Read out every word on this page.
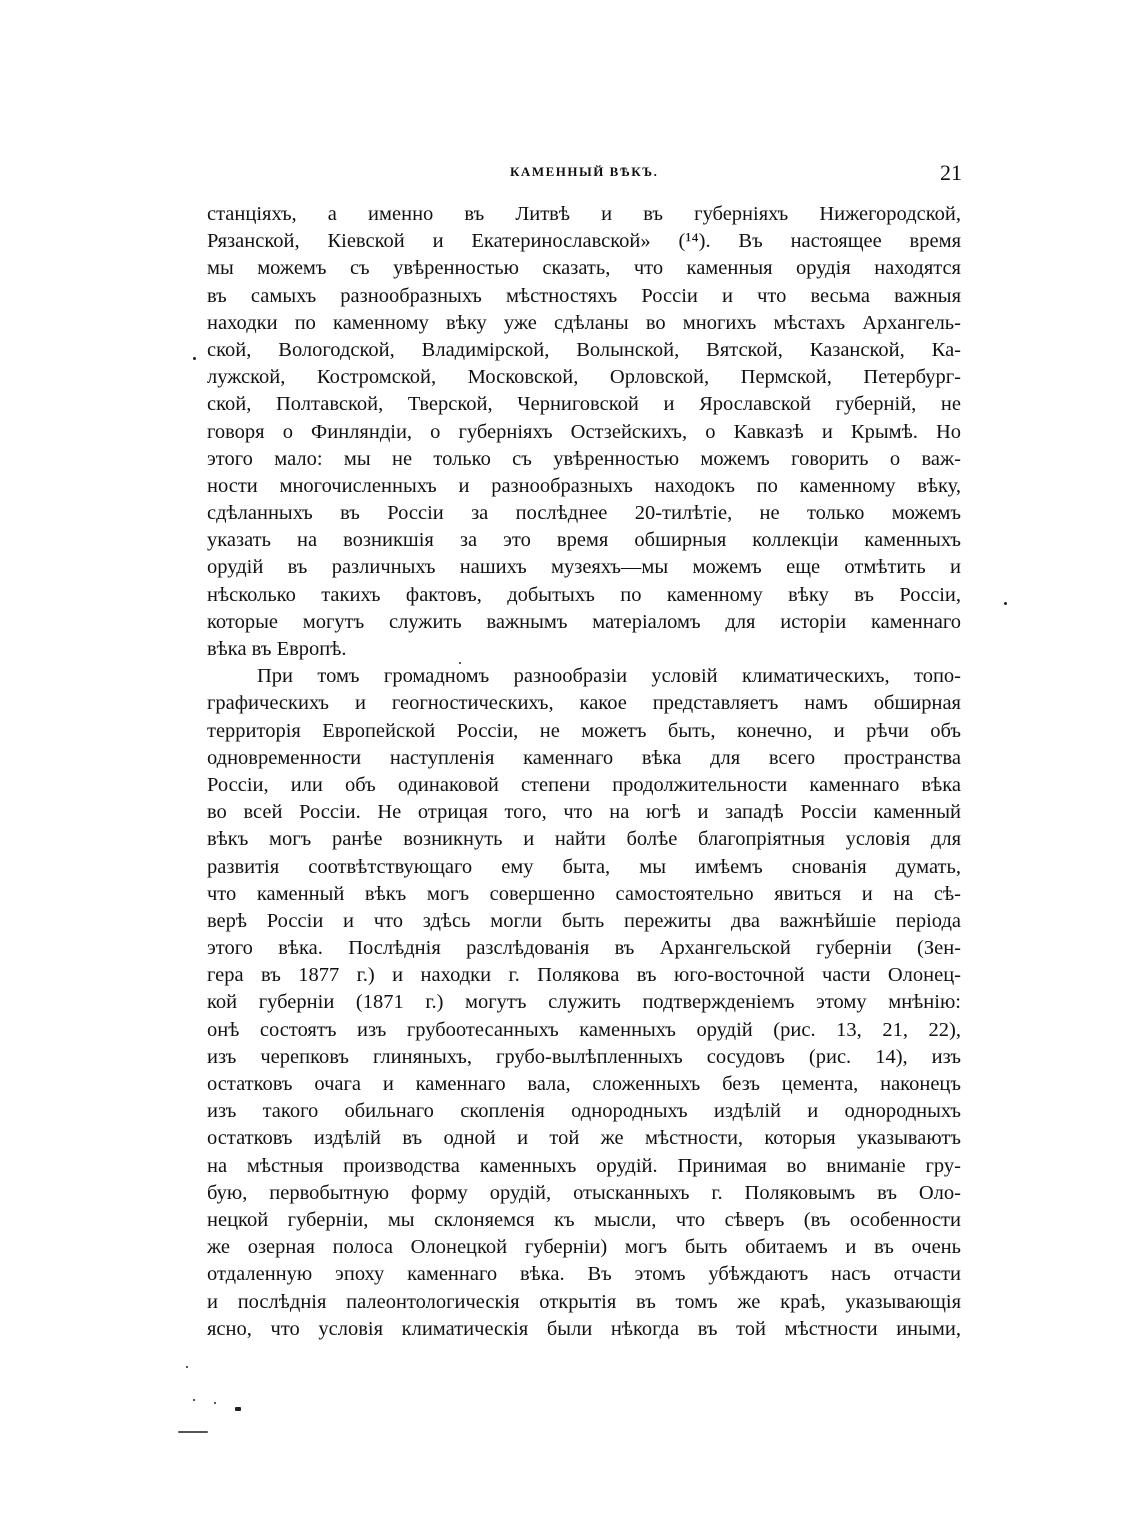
КАМЕННЫЙ ВѢКЪ.	21
станціяхъ, а именно въ Литвѣ и въ губерніяхъ Нижегородской,
Рязанской, Кіевской и Екатеринославской» (¹⁴). Въ настоящее время
мы можемъ съ увѣренностью сказать, что каменныя орудія находятся
въ самыхъ разнообразныхъ мѣстностяхъ Россіи и что весьма важныя
находки по каменному вѣку уже сдѣланы во многихъ мѣстахъ Архангель-
ской, Вологодской, Владимірской, Волынской, Вятской, Казанской, Ка-
лужской, Костромской, Московской, Орловской, Пермской, Петербург-
ской, Полтавской, Тверской, Черниговской и Ярославской губерній, не
говоря о Финляндіи, о губерніяхъ Остзейскихъ, о Кавказѣ и Крымѣ. Но
этого мало: мы не только съ увѣренностью можемъ говорить о важ-
ности многочисленныхъ и разнообразныхъ находокъ по каменному вѣку,
сдѣланныхъ въ Россіи за послѣднее 20-тилѣтіе, не только можемъ
указать на возникшія за это время обширныя коллекціи каменныхъ
орудій въ различныхъ нашихъ музеяхъ—мы можемъ еще отмѣтить и
нѣсколько такихъ фактовъ, добытыхъ по каменному вѣку въ Россіи,
которые могутъ служить важнымъ матеріаломъ для исторіи каменнаго
вѣка въ Европѣ.
При томъ громадномъ разнообразіи условій климатическихъ, топо-
графическихъ и геогностическихъ, какое представляетъ намъ обширная
территорія Европейской Россіи, не можетъ быть, конечно, и рѣчи объ
одновременности наступленія каменнаго вѣка для всего пространства
Россіи, или объ одинаковой степени продолжительности каменнаго вѣка
во всей Россіи. Не отрицая того, что на югѣ и западѣ Россіи каменный
вѣкъ могъ ранѣе возникнуть и найти болѣе благопріятныя условія для
развитія соотвѣтствующаго ему быта, мы имѣемъ снованія думать,
что каменный вѣкъ могъ совершенно самостоятельно явиться и на сѣ-
верѣ Россіи и что здѣсь могли быть пережиты два важнѣйшіе періода
этого вѣка. Послѣднія разслѣдованія въ Архангельской губерніи (Зен-
гера въ 1877 г.) и находки г. Полякова въ юго-восточной части Олонец-
кой губерніи (1871 г.) могутъ служить подтвержденіемъ этому мнѣнію:
онѣ состоятъ изъ грубоотесанныхъ каменныхъ орудій (рис. 13, 21, 22),
изъ черепковъ глиняныхъ, грубо-вылѣпленныхъ сосудовъ (рис. 14), изъ
остатковъ очага и каменнаго вала, сложенныхъ безъ цемента, наконецъ
изъ такого обильнаго скопленія однородныхъ издѣлій и однородныхъ
остатковъ издѣлій въ одной и той же мѣстности, которыя указываютъ
на мѣстныя производства каменныхъ орудій. Принимая во вниманіе гру-
бую, первобытную форму орудій, отысканныхъ г. Поляковымъ въ Оло-
нецкой губерніи, мы склоняемся къ мысли, что сѣверъ (въ особенности
же озерная полоса Олонецкой губерніи) могъ быть обитаемъ и въ очень
отдаленную эпоху каменнаго вѣка. Въ этомъ убѣждаютъ насъ отчасти
и послѣднія палеонтологическія открытія въ томъ же краѣ, указывающія
ясно, что условія климатическія были нѣкогда въ той мѣстности иными,
